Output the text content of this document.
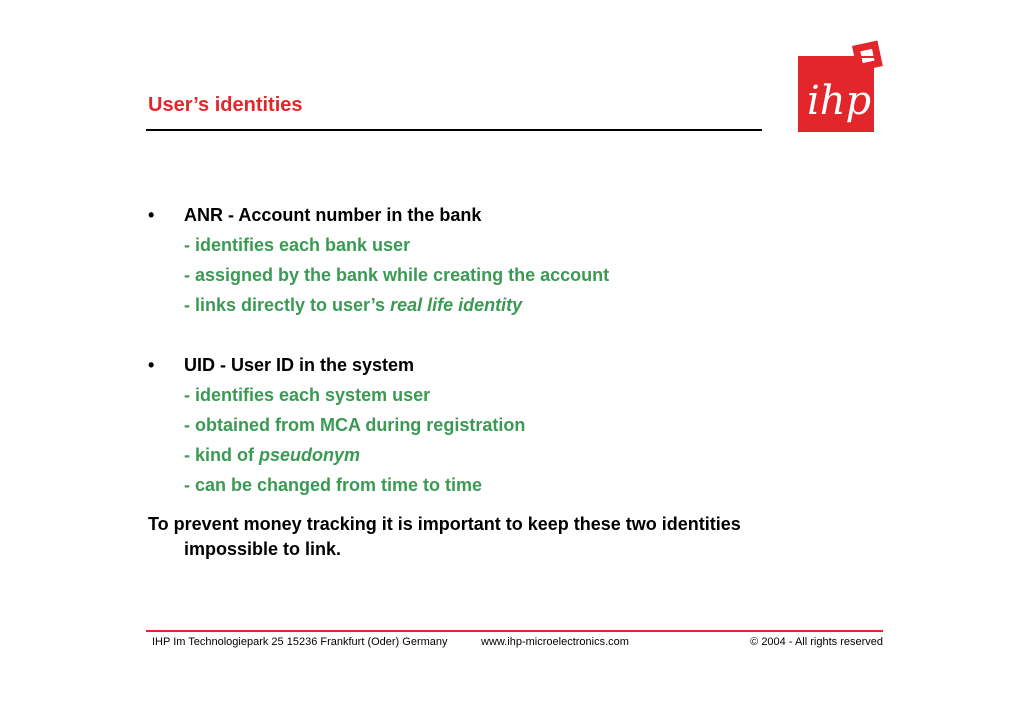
User’s identities	ihp
• ANR - Account number in the bank
- identifies each bank user
- assigned by the bank while creating the account
- links directly to user’s real life identity
• UID - User ID in the system
- identifies each system user
- obtained from MCA during registration
- kind of pseudonym
- can be changed from time to time
To prevent money tracking it is important to keep these two identities
impossible to link.
IHP Im Technologiepark 25 15236 Frankfurt (Oder) Germany	www.ihp-microelectronics.com	© 2004 - All rights reserved
